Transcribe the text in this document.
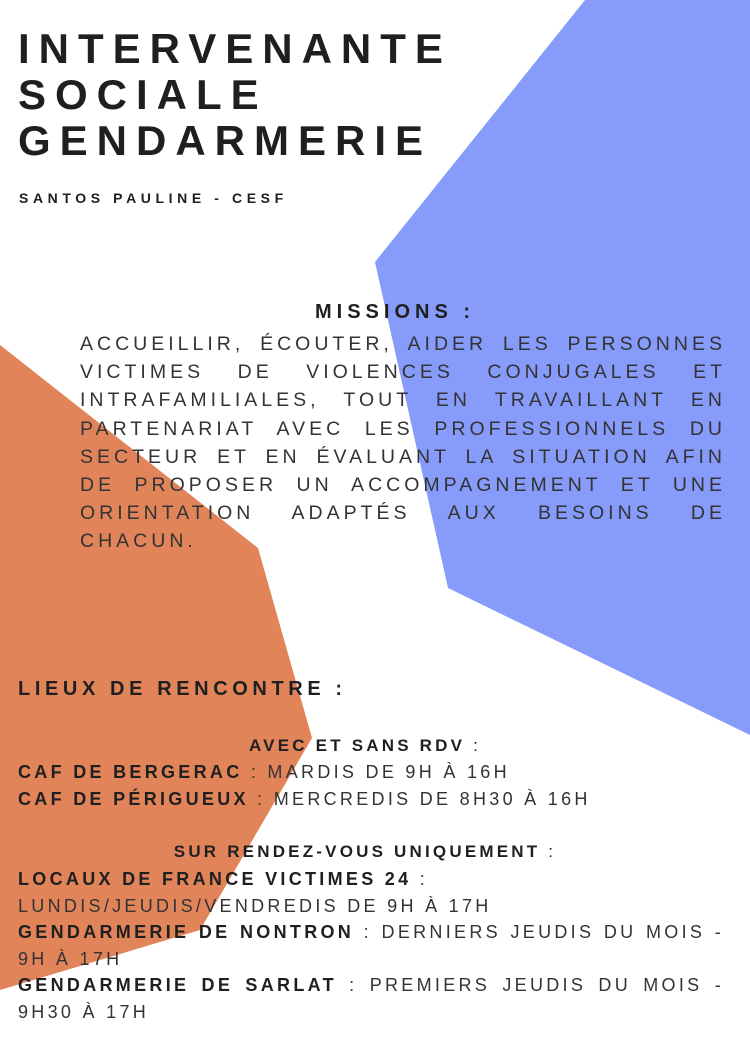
INTERVENANTE
SOCIALE
GENDARMERIE
SANTOS PAULINE - CESF
MISSIONS :
ACCUEILLIR, ÉCOUTER, AIDER LES PERSONNES VICTIMES DE VIOLENCES CONJUGALES ET INTRAFAMILIALES, TOUT EN TRAVAILLANT EN PARTENARIAT AVEC LES PROFESSIONNELS DU SECTEUR ET EN ÉVALUANT LA SITUATION AFIN DE PROPOSER UN ACCOMPAGNEMENT ET UNE ORIENTATION ADAPTÉS AUX BESOINS DE CHACUN.
LIEUX DE RENCONTRE :
AVEC ET SANS RDV :
CAF DE BERGERAC : MARDIS DE 9H À 16H
CAF DE PÉRIGUEUX : MERCREDIS DE 8H30 À 16H
SUR RENDEZ-VOUS UNIQUEMENT :
LOCAUX DE FRANCE VICTIMES 24 :
LUNDIS/JEUDIS/VENDREDIS DE 9H À 17H
GENDARMERIE DE NONTRON : DERNIERS JEUDIS DU MOIS - 9H À 17H
GENDARMERIE DE SARLAT : PREMIERS JEUDIS DU MOIS - 9H30 À 17H
